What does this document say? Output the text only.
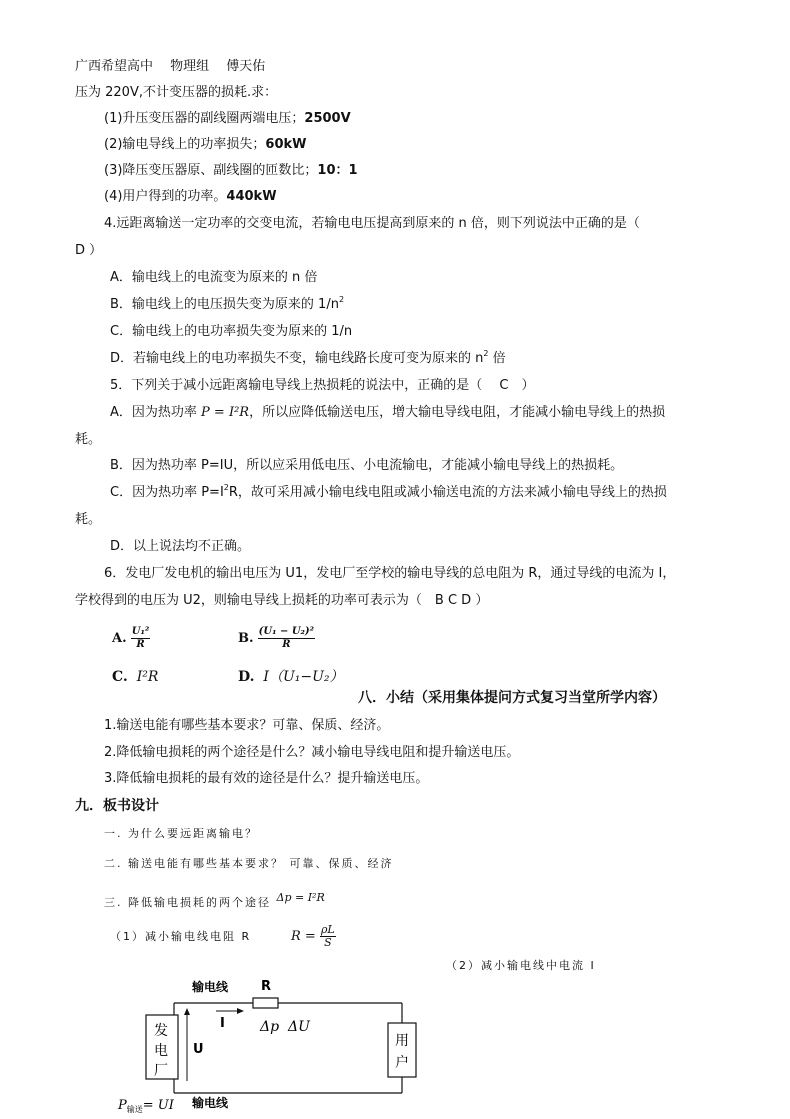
广西希望高中　 物理组　 傅天佑
压为 220V,不计变压器的损耗.求：
(1)升压变压器的副线圈两端电压；2500V
(2)输电导线上的功率损失；60kW
(3)降压变压器原、副线圈的匝数比；10：1
(4)用户得到的功率。440kW
4.远距离输送一定功率的交变电流，若输电电压提高到原来的 n 倍，则下列说法中正确的是（
D ）
A．输电线上的电流变为原来的 n 倍
B．输电线上的电压损失变为原来的 $1/n^2$
C．输电线上的电功率损失变为原来的 1/n
D．若输电线上的电功率损失不变，输电线路长度可变为原来的 $n^2$ 倍
5．下列关于减小远距离输电导线上热损耗的说法中，正确的是（　 C　）
A．因为热功率 P = I²R，所以应降低输送电压，增大输电导线电阻，才能减小输电导线上的热损
耗。
B．因为热功率 P=IU，所以应采用低电压、小电流输电，才能减小输电导线上的热损耗。
C．因为热功率 $P=I^2R$，故可采用减小输电线电阻或减小输送电流的方法来减小输电导线上的热损
耗。
D．以上说法均不正确。
6．发电厂发电机的输出电压为 U1，发电厂至学校的输电导线的总电阻为 R，通过导线的电流为 I，
学校得到的电压为 U2，则输电导线上损耗的功率可表示为（　B C D ）
A. $\frac{\text{U₁²}}{R}$	B. $\frac{\text{(U₁ − U₂)²}}{R}$
C. I²R	D. I（U₁−U₂）
八．小结（采用集体提问方式复习当堂所学内容）
1.输送电能有哪些基本要求？可靠、保质、经济。
2.降低输电损耗的两个途径是什么？减小输电导线电阻和提升输送电压。
3.降低输电损耗的最有效的途径是什么？提升输送电压。
九．板书设计
一. 为什么要远距离输电？
二. 输送电能有哪些基本要求？ 可靠、保质、经济
三. 降低输电损耗的两个途径 Δp = I²R
（1）减小输电线电阻 R	$R = \frac{\rho L}{S}$
（2）减小输电线中电流 I
输电线	R
I	Δp ΔU
U
发
电
厂
用
户
输电线
$P_{输送}=$ UI
